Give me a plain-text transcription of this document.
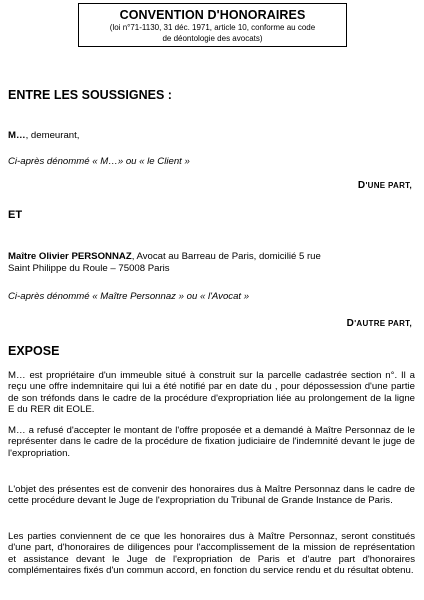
CONVENTION D'HONORAIRES
(loi n°71-1130, 31 déc. 1971, article 10, conforme au code
de déontologie des avocats)
ENTRE LES SOUSSIGNES :
M…, demeurant,
Ci-après dénommé « M…» ou « le Client »
D'UNE PART,
ET
Maître Olivier PERSONNAZ, Avocat au Barreau de Paris, domicilié 5 rue
Saint Philippe du Roule – 75008 Paris
Ci-après dénommé « Maître Personnaz » ou « l'Avocat »
D'AUTRE PART,
EXPOSE
M… est propriétaire d'un immeuble situé à construit sur la parcelle cadastrée section n°. Il a reçu une offre indemnitaire qui lui a été notifié par en date du , pour dépossession d'une partie de son tréfonds dans le cadre de la procédure d'expropriation liée au prolongement de la ligne E du RER dit EOLE.
M… a refusé d'accepter le montant de l'offre proposée et a demandé à Maître Personnaz de le représenter dans le cadre de la procédure de fixation judiciaire de l'indemnité devant le juge de l'expropriation.
L'objet des présentes est de convenir des honoraires dus à Maître Personnaz dans le cadre de cette procédure devant le Juge de l'expropriation du Tribunal de Grande Instance de Paris.
Les parties conviennent de ce que les honoraires dus à Maître Personnaz, seront constitués d'une part, d'honoraires de diligences pour l'accomplissement de la mission de représentation et assistance devant le Juge de l'expropriation de Paris et d'autre part d'honoraires complémentaires fixés d'un commun accord, en fonction du service rendu et du résultat obtenu.
